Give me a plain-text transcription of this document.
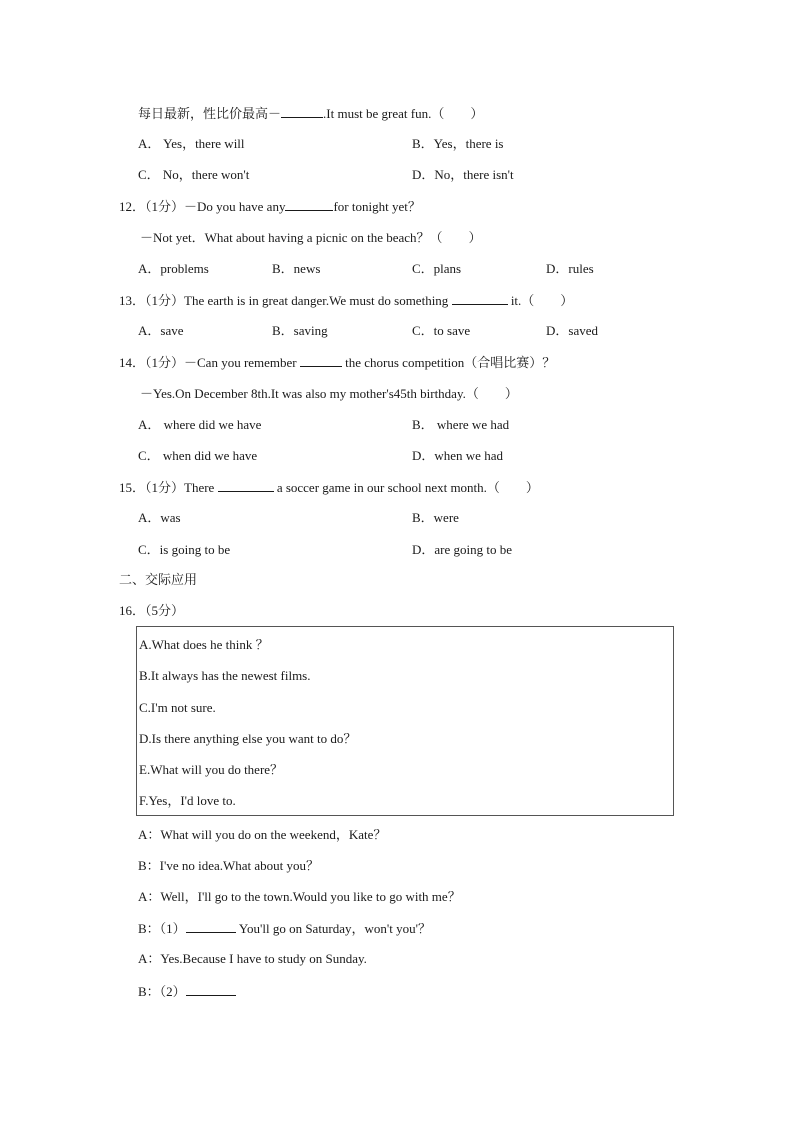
每日最新，性比价最高－	.It must be great fun.（　　）
A． Yes，there will	B．Yes，there is
C． No，there won't	D．No，there isn't
12．（1分）－Do you have any	for tonight yet？
－Not yet．What about having a picnic on the beach？（　　）
A．problems	B．news	C．plans	D．rules
13．（1分）The earth is in great danger.We must do something	it.（　　）
A．save	B．saving	C．to save	D．saved
14．（1分）－Can you remember	the chorus competition（合唱比赛）？
－Yes.On December 8th.It was also my mother's45th birthday.（　　）
A． where did we have	B． where we had
C． when did we have	D．when we had
15．（1分）There	a soccer game in our school next month.（　　）
A．was	B．were
C．is going to be	D．are going to be
二、交际应用
16．（5分）
A.What does he think ？
B.It always has the newest films.
C.I'm not sure.
D.Is there anything else you want to do？
E.What will you do there？
F.Yes，I'd love to.
A：What will you do on the weekend，Kate？
B：I've no idea.What about you？
A：Well，I'll go to the town.Would you like to go with me？
B：（1）	You'll go on Saturday，won't you'？
A：Yes.Because I have to study on Sunday.
B：（2）
